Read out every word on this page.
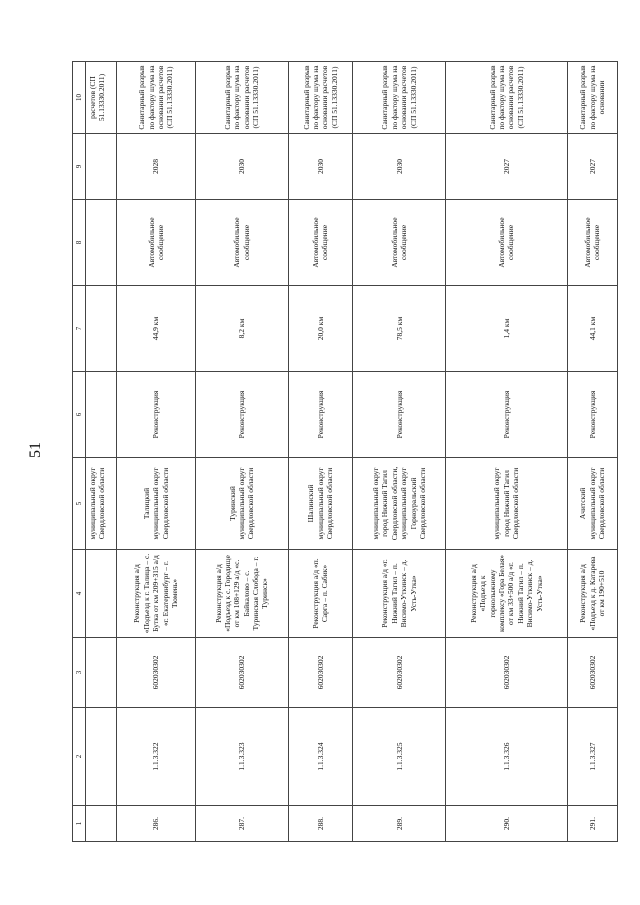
51
1	2	3	4	5	6	7	8	9	10
				муниципальный округ Свердловской области					расчетов (СП 51.13330.2011)
286.	1.1.3.322	602030302	Реконструкция а/д «Подъезд к г. Талица – с. Бутка от км 209+315 а/д «г. Екатеринбург – г. Тюмень»	Талицкий муниципальный округ Свердловской области	Реконструкция	44,9 км	Автомобильное сообщение	2028	Санитарный разрыв по фактору шума на основании расчетов (СП 51.13330.2011)
287.	1.1.3.323	602030302	Реконструкция а/д «Подъезд к с. Городище от км 108+129 а/д «с. Байкалово – с. Туринская Слобода – г. Туринск»	Туринский муниципальный округ Свердловской области	Реконструкция	8,2 км	Автомобильное сообщение	2030	Санитарный разрыв по фактору шума на основании расчетов (СП 51.13330.2011)
288.	1.1.3.324	602030302	Реконструкция а/д «п. Сарга – п. Сабик»	Шалинский муниципальный округ Свердловской области	Реконструкция	20,0 км	Автомобильное сообщение	2030	Санитарный разрыв по фактору шума на основании расчетов (СП 51.13330.2011)
289.	1.1.3.325	602030302	Реконструкция а/д «г. Нижний Тагил – п. Висимо-Уткинск – д. Усть-Утка»	муниципальный округ город Нижний Тагил Свердловской области, муниципальный округ Горноуральский Свердловской области	Реконструкция	78,5 км	Автомобильное сообщение	2030	Санитарный разрыв по фактору шума на основании расчетов (СП 51.13330.2011)
290.	1.1.3.326	602030302	Реконструкция а/д «Подъезд к горнолыжному комплексу «Гора Белая» от км 33+500 а/д «г. Нижний Тагил – п. Висимо-Уткинск – д. Усть-Утка»	муниципальный округ город Нижний Тагил Свердловской области	Реконструкция	1,4 км	Автомобильное сообщение	2027	Санитарный разрыв по фактору шума на основании расчетов (СП 51.13330.2011)
291.	1.1.3.327	602030302	Реконструкция а/д «Подъезд к д. Катарева от км 190+510	Ачитский муниципальный округ Свердловской области	Реконструкция	44,1 км	Автомобильное сообщение	2027	Санитарный разрыв по фактору шума на основании
